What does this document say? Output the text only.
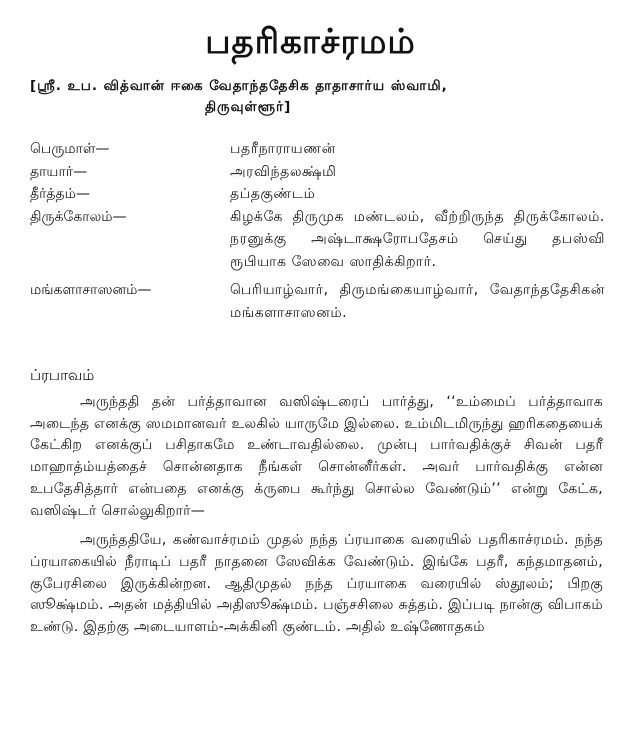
பதரிகாச்ரமம்
[ஸ்ரீ. உப. வித்வான் ஈகை வேதாந்ததேசிக தாதாசார்ய ஸ்வாமி,
திருவுள்ளூர்]
பெருமாள்—	பதரீநாராயணன்
தாயார்—	அரவிந்தலக்ஷ்மி
தீர்த்தம்—	தப்தகுண்டம்
திருக்கோலம்—	கிழக்கே திருமுக மண்டலம், வீற்றிருந்த திருக்கோலம். நரனுக்கு அஷ்டாக்ஷரோபதேசம் செய்து தபஸ்வி ரூபியாக ஸேவை ஸாதிக்கிறார்.
மங்களாசாஸனம்—	பெரியாழ்வார், திருமங்கையாழ்வார், வேதாந்ததேசிகன் மங்களாசாஸனம்.
ப்ரபாவம்

அருந்ததி தன் பர்த்தாவான வஸிஷ்டரைப் பார்த்து, ‘‘உம்மைப் பர்த்தாவாக அடைந்த எனக்கு ஸமமானவர் உலகில் யாருமே இல்லை. உம்மிடமிருந்து ஹரிகதையைக் கேட்கிற எனக்குப் பசிதாகமே உண்டாவதில்லை. முன்பு பார்வதிக்குச் சிவன் பதரீ மாஹாத்ம்யத்தைச் சொன்னதாக நீங்கள் சொன்னீர்கள். அவர் பார்வதிக்கு என்ன உபதேசித்தார் என்பதை எனக்கு க்ருபை கூர்ந்து சொல்ல வேண்டும்’’ என்று கேட்க, வஸிஷ்டர் சொல்லுகிறார்—

அருந்ததியே, கண்வாச்ரமம் முதல் நந்த ப்ரயாகை வரையில் பதரிகாச்ரமம். நந்த ப்ரயாகையில் நீராடிப் பதரீ நாதனை ஸேவிக்க வேண்டும். இங்கே பதரீ, கந்தமாதனம், குபேரசிலை இருக்கின்றன. ஆதிமுதல் நந்த ப்ரயாகை வரையில் ஸ்தூலம்; பிறகு ஸூக்ஷ்மம். அதன் மத்தியில் அதிஸூக்ஷ்மம். பஞ்சசிலை சுத்தம். இப்படி நான்கு விபாகம் உண்டு. இதற்கு அடையாளம்-அக்கினி குண்டம். அதில் உஷ்ணோதகம்
